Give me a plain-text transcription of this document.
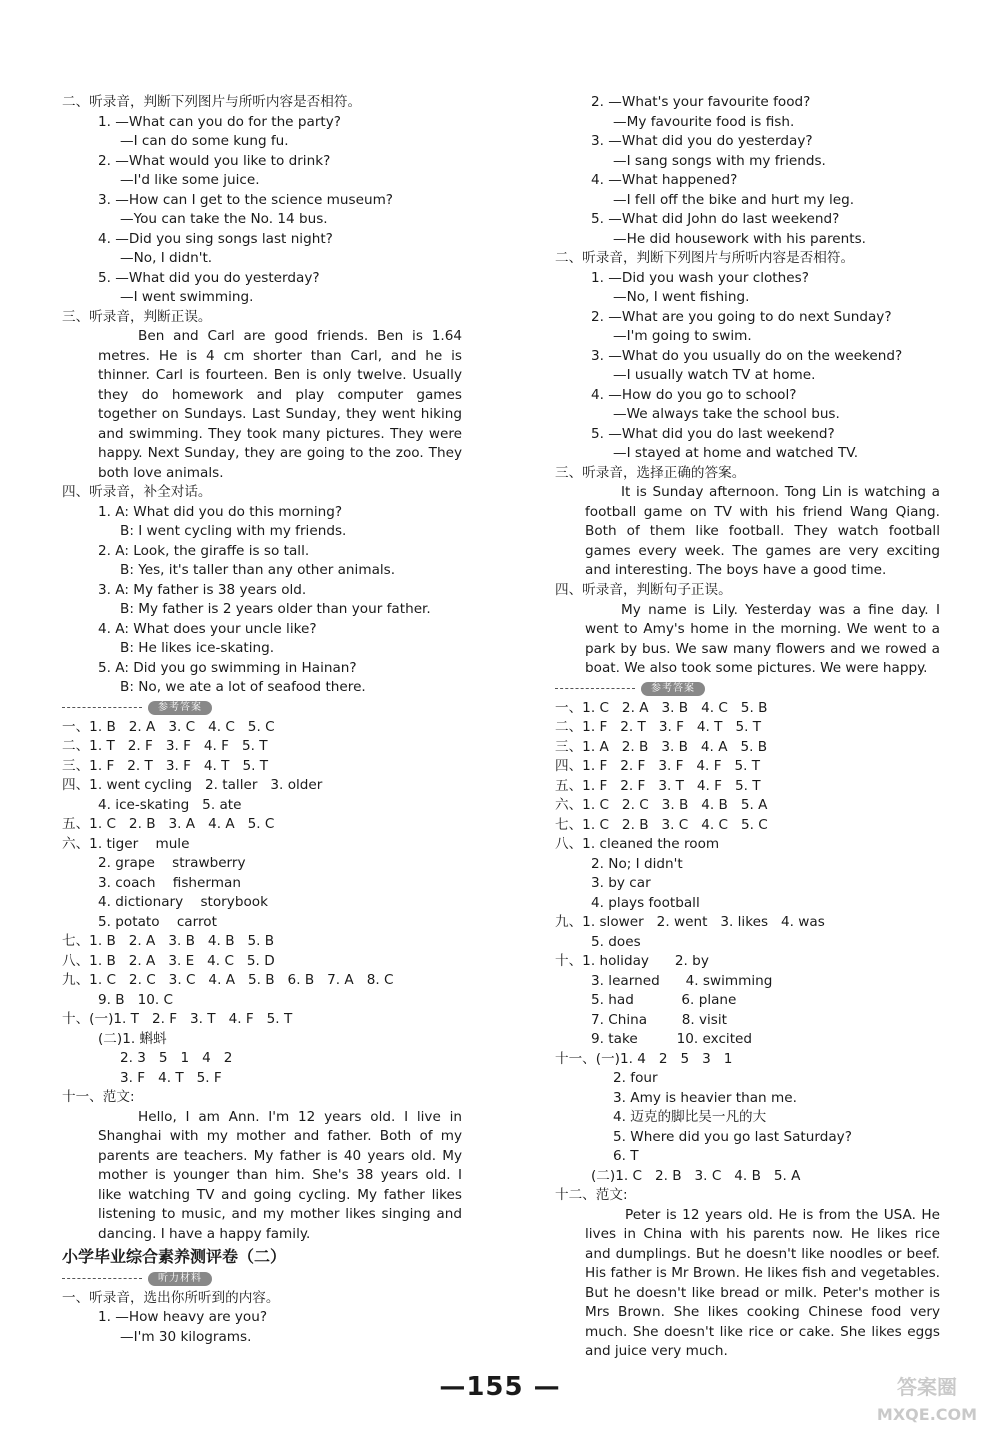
二、听录音，判断下列图片与所听内容是否相符。
1. —What can you do for the party?
—I can do some kung fu.
2. —What would you like to drink?
—I'd like some juice.
3. —How can I get to the science museum?
—You can take the No. 14 bus.
4. —Did you sing songs last night?
—No, I didn't.
5. —What did you do yesterday?
—I went swimming.
三、听录音，判断正误。
Ben and Carl are good friends. Ben is 1.64 metres. He is 4 cm shorter than Carl, and he is thinner. Carl is fourteen. Ben is only twelve. Usually they do homework and play computer games together on Sundays. Last Sunday, they went hiking and swimming. They took many pictures. They were happy. Next Sunday, they are going to the zoo. They both love animals.
四、听录音，补全对话。
1. A: What did you do this morning?
B: I went cycling with my friends.
2. A: Look, the giraffe is so tall.
B: Yes, it's taller than any other animals.
3. A: My father is 38 years old.
B: My father is 2 years older than your father.
4. A: What does your uncle like?
B: He likes ice-skating.
5. A: Did you go swimming in Hainan?
B: No, we ate a lot of seafood there.
参考答案
一、1. B   2. A   3. C   4. C   5. C
二、1. T   2. F   3. F   4. F   5. T
三、1. F   2. T   3. F   4. T   5. T
四、1. went cycling   2. taller   3. older
4. ice-skating   5. ate
五、1. C   2. B   3. A   4. A   5. C
六、1. tiger    mule
2. grape    strawberry
3. coach    fisherman
4. dictionary    storybook
5. potato    carrot
七、1. B   2. A   3. B   4. B   5. B
八、1. B   2. A   3. E   4. C   5. D
九、1. C   2. C   3. C   4. A   5. B   6. B   7. A   8. C
9. B   10. C
十、(一)1. T   2. F   3. T   4. F   5. T
(二)1. 蝌蚪
2. 3   5   1   4   2
3. F   4. T   5. F
十一、范文:
Hello, I am Ann. I'm 12 years old. I live in Shanghai with my mother and father. Both of my parents are teachers. My father is 40 years old. My mother is younger than him. She's 38 years old. I like watching TV and going cycling. My father likes listening to music, and my mother likes singing and dancing. I have a happy family.
小学毕业综合素养测评卷（二）
听力材料
一、听录音，选出你所听到的内容。
1. —How heavy are you?
—I'm 30 kilograms.
2. —What's your favourite food?
—My favourite food is fish.
3. —What did you do yesterday?
—I sang songs with my friends.
4. —What happened?
—I fell off the bike and hurt my leg.
5. —What did John do last weekend?
—He did housework with his parents.
二、听录音，判断下列图片与所听内容是否相符。
1. —Did you wash your clothes?
—No, I went fishing.
2. —What are you going to do next Sunday?
—I'm going to swim.
3. —What do you usually do on the weekend?
—I usually watch TV at home.
4. —How do you go to school?
—We always take the school bus.
5. —What did you do last weekend?
—I stayed at home and watched TV.
三、听录音，选择正确的答案。
It is Sunday afternoon. Tong Lin is watching a football game on TV with his friend Wang Qiang. Both of them like football. They watch football games every week. The games are very exciting and interesting. The boys have a good time.
四、听录音，判断句子正误。
My name is Lily. Yesterday was a fine day. I went to Amy's home in the morning. We went to a park by bus. We saw many flowers and we rowed a boat. We also took some pictures. We were happy.
参考答案
一、1. C   2. A   3. B   4. C   5. B
二、1. F   2. T   3. F   4. T   5. T
三、1. A   2. B   3. B   4. A   5. B
四、1. F   2. F   3. F   4. F   5. T
五、1. F   2. F   3. T   4. F   5. T
六、1. C   2. C   3. B   4. B   5. A
七、1. C   2. B   3. C   4. C   5. C
八、1. cleaned the room
2. No; I didn't
3. by car
4. plays football
九、1. slower   2. went   3. likes   4. was
5. does
十、1. holiday      2. by
3. learned      4. swimming
5. had           6. plane
7. China        8. visit
9. take         10. excited
十一、(一)1. 4   2   5   3   1
2. four
3. Amy is heavier than me.
4. 迈克的脚比吴一凡的大
5. Where did you go last Saturday?
6. T
(二)1. C   2. B   3. C   4. B   5. A
十二、范文:
Peter is 12 years old. He is from the USA. He lives in China with his parents now. He likes rice and dumplings. But he doesn't like noodles or beef. His father is Mr Brown. He likes fish and vegetables. But he doesn't like bread or milk. Peter's mother is Mrs Brown. She likes cooking Chinese food very much. She doesn't like rice or cake. She likes eggs and juice very much.
—155 —	答案圈
MXQE.COM
